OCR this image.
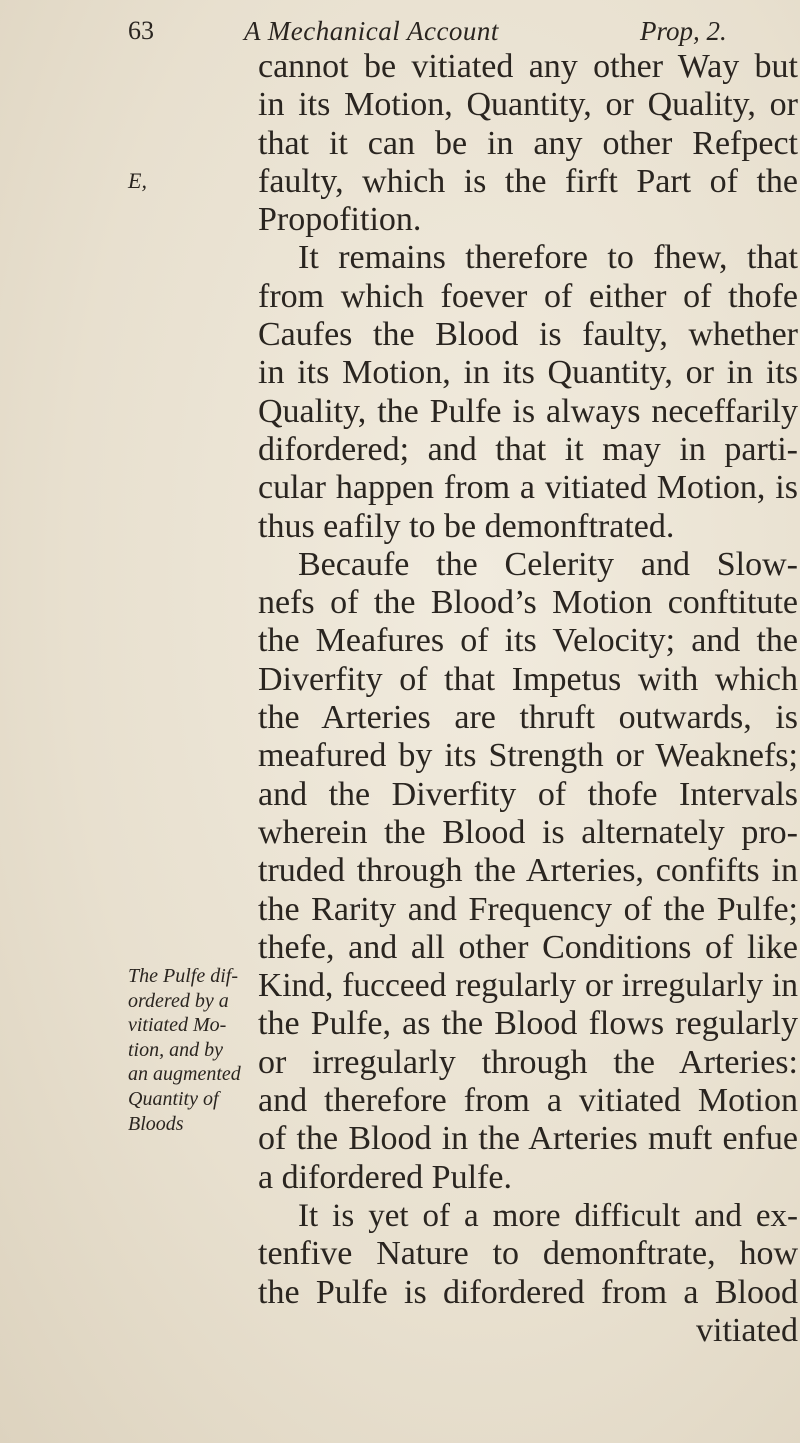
63	A Mechanical Account	Prop, 2.
E,
cannot be vitiated any other Way but
in its Motion, Quantity, or Quality, or
that it can be in any other Refpect
faulty, which is the firft Part of the
Propofition.
It remains therefore to fhew, that
from which foever of either of thofe
Caufes the Blood is faulty, whether
in its Motion, in its Quantity, or in its
Quality, the Pulfe is always neceffarily
difordered; and that it may in parti-
cular happen from a vitiated Motion, is
thus eafily to be demonftrated.
Becaufe the Celerity and Slow-
nefs of the Blood’s Motion conftitute
the Meafures of its Velocity; and the
Diverfity of that Impetus with which
the Arteries are thruft outwards, is
meafured by its Strength or Weaknefs;
and the Diverfity of thofe Intervals
wherein the Blood is alternately pro-
truded through the Arteries, confifts in
the Rarity and Frequency of the Pulfe;
thefe, and all other Conditions of like
Kind, fucceed regularly or irregularly in
the Pulfe, as the Blood flows regularly
or irregularly through the Arteries:
and therefore from a vitiated Motion
of the Blood in the Arteries muft enfue
a difordered Pulfe.
It is yet of a more difficult and ex-
tenfive Nature to demonftrate, how
the Pulfe is difordered from a Blood
vitiated
The Pulfe dif-
ordered by a
vitiated Mo-
tion, and by
an augmented
Quantity of
Bloods
